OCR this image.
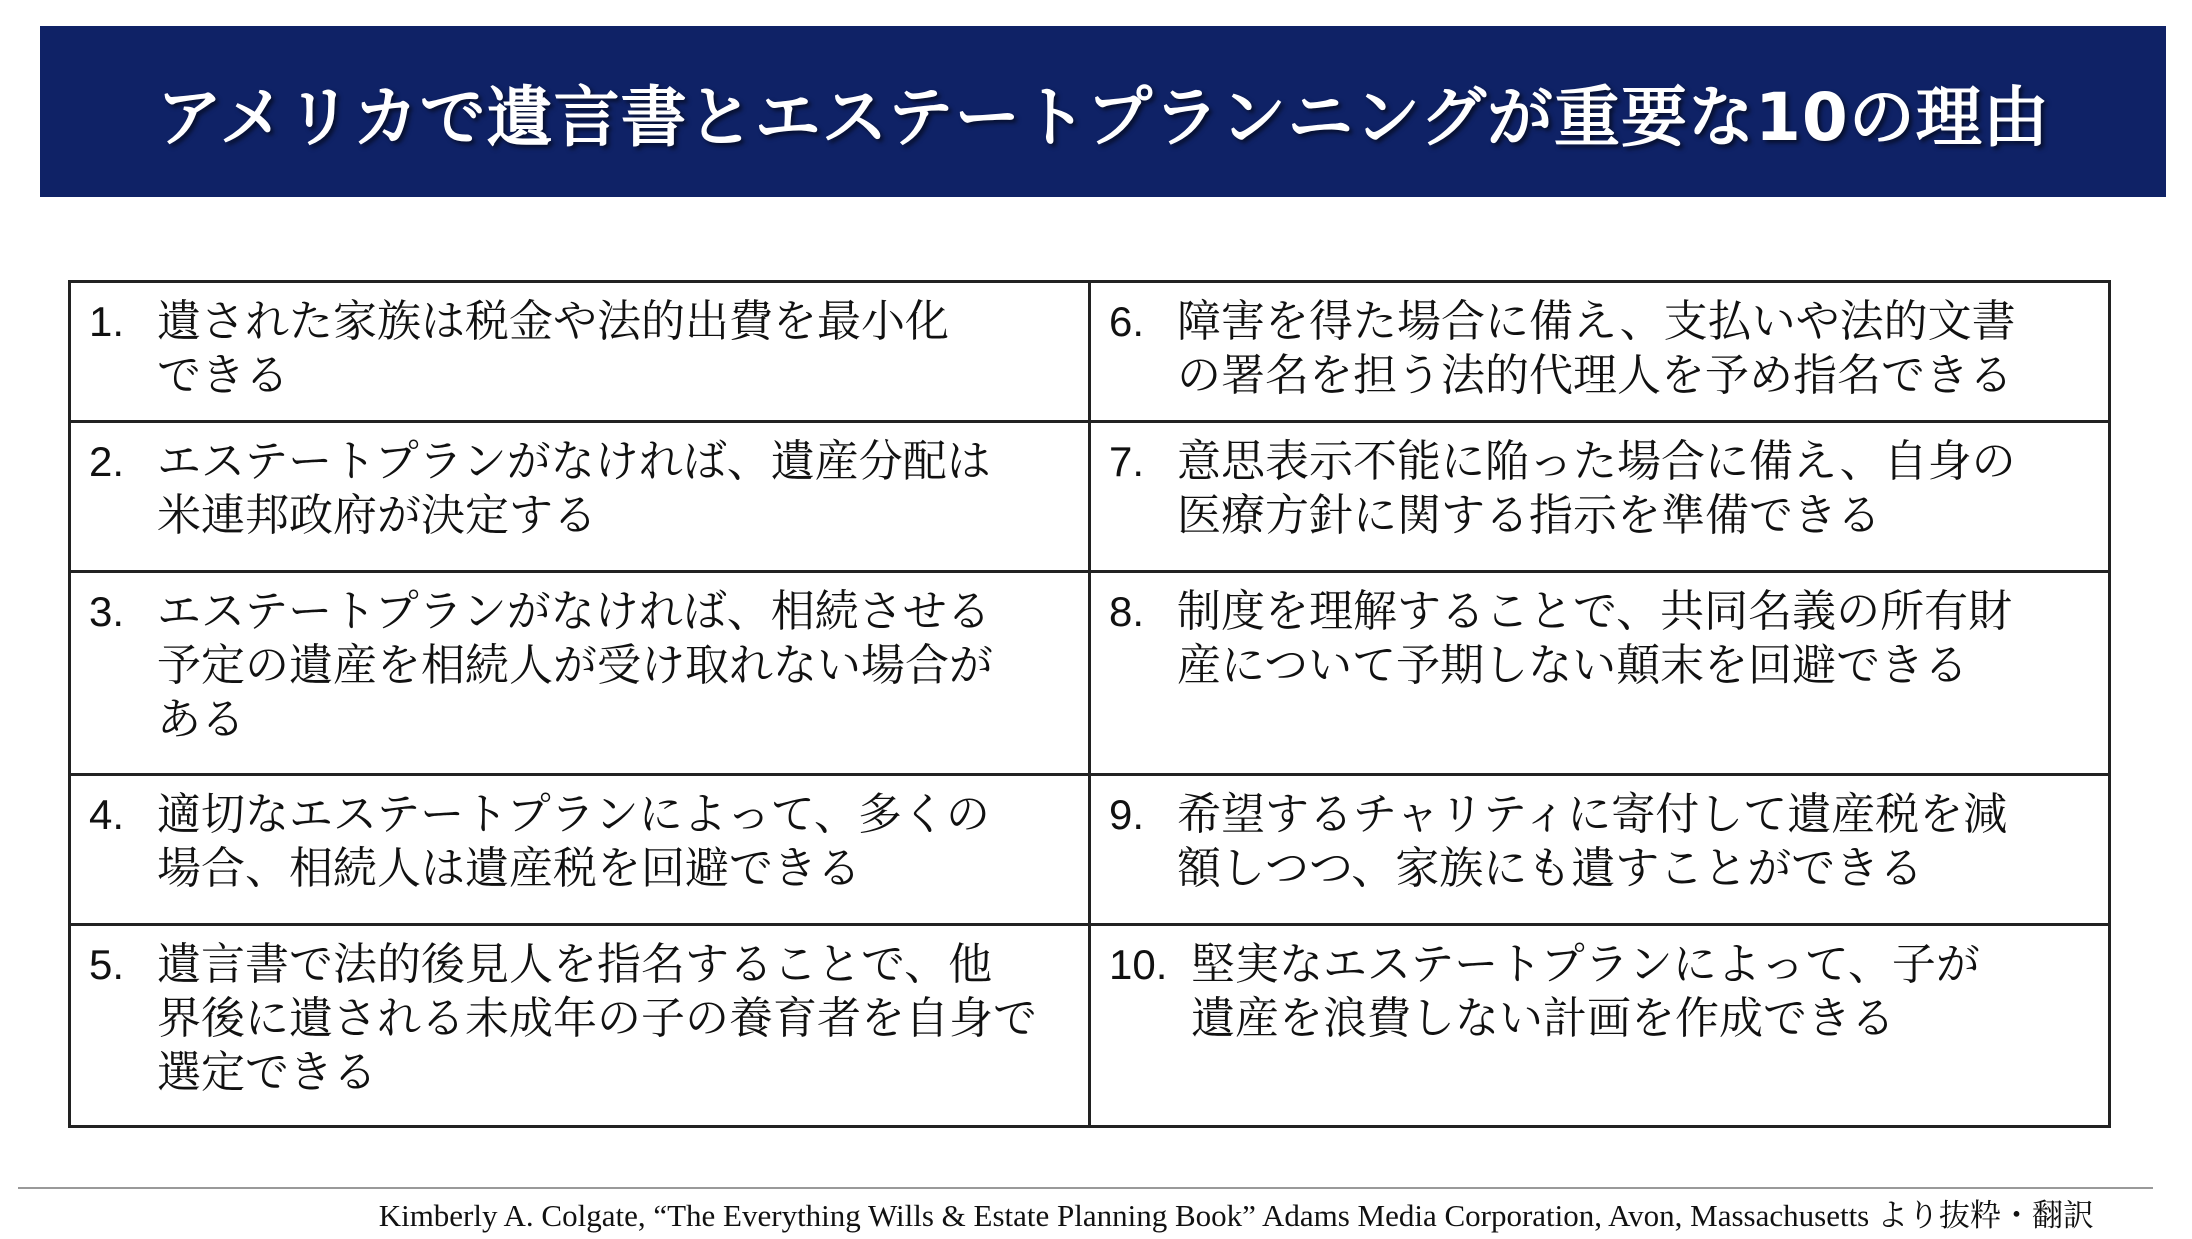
アメリカで遺言書とエステートプランニングが重要な10の理由
1. 遺された家族は税金や法的出費を最小化
できる	6. 障害を得た場合に備え、支払いや法的文書
の署名を担う法的代理人を予め指名できる

2. エステートプランがなければ、遺産分配は
米連邦政府が決定する	7. 意思表示不能に陥った場合に備え、自身の
医療方針に関する指示を準備できる

3. エステートプランがなければ、相続させる
予定の遺産を相続人が受け取れない場合が
ある	8. 制度を理解することで、共同名義の所有財
産について予期しない顛末を回避できる

4. 適切なエステートプランによって、多くの
場合、相続人は遺産税を回避できる	9. 希望するチャリティに寄付して遺産税を減
額しつつ、家族にも遺すことができる

5. 遺言書で法的後見人を指名することで、他
界後に遺される未成年の子の養育者を自身で
選定できる	10. 堅実なエステートプランによって、子が
遺産を浪費しない計画を作成できる
Kimberly A. Colgate, “The Everything Wills & Estate Planning Book” Adams Media Corporation, Avon, Massachusetts より抜粋・翻訳
